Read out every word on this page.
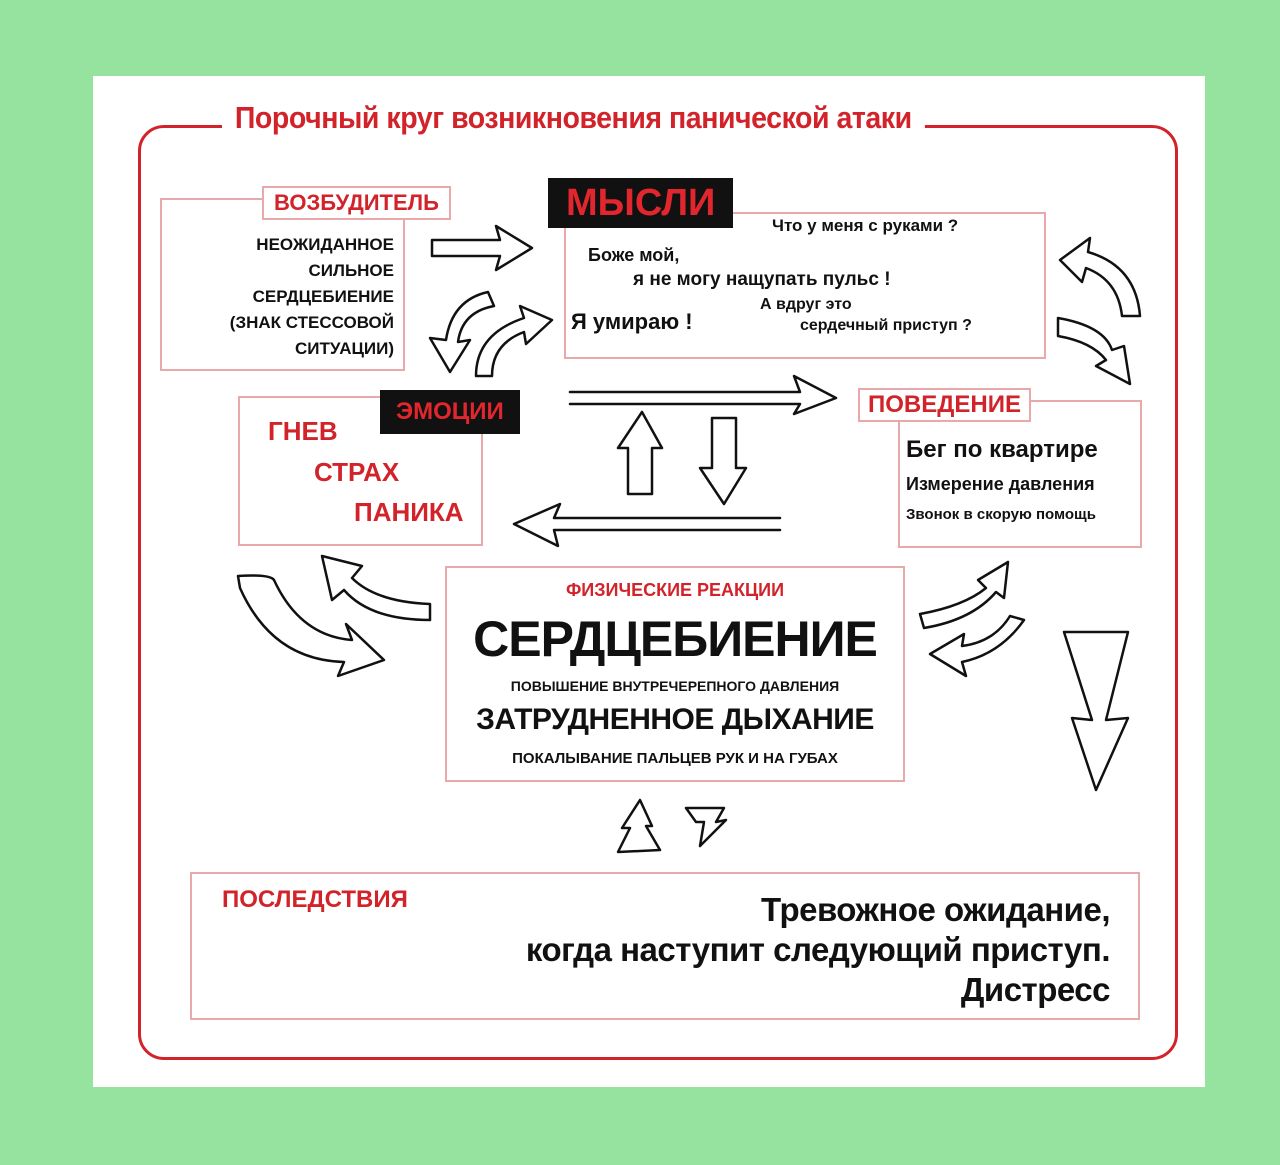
Порочный круг возникновения панической атаки
ВОЗБУДИТЕЛЬ
НЕОЖИДАННОЕ
СИЛЬНОЕ
СЕРДЦЕБИЕНИЕ
(ЗНАК СТЕССОВОЙ
СИТУАЦИИ)
МЫСЛИ
Что у меня с руками ?
Боже мой,
я не могу нащупать пульс !
Я умираю !
А вдруг это
сердечный приступ ?
ЭМОЦИИ
ГНЕВ
СТРАХ
ПАНИКА
ПОВЕДЕНИЕ
Бег по квартире
Измерение давления
Звонок в скорую помощь
ФИЗИЧЕСКИЕ РЕАКЦИИ
СЕРДЦЕБИЕНИЕ
ПОВЫШЕНИЕ ВНУТРЕЧЕРЕПНОГО ДАВЛЕНИЯ
ЗАТРУДНЕННОЕ ДЫХАНИЕ
ПОКАЛЫВАНИЕ ПАЛЬЦЕВ РУК И НА ГУБАХ
ПОСЛЕДСТВИЯ	Тревожное ожидание,
когда наступит следующий приступ.
Дистресс
